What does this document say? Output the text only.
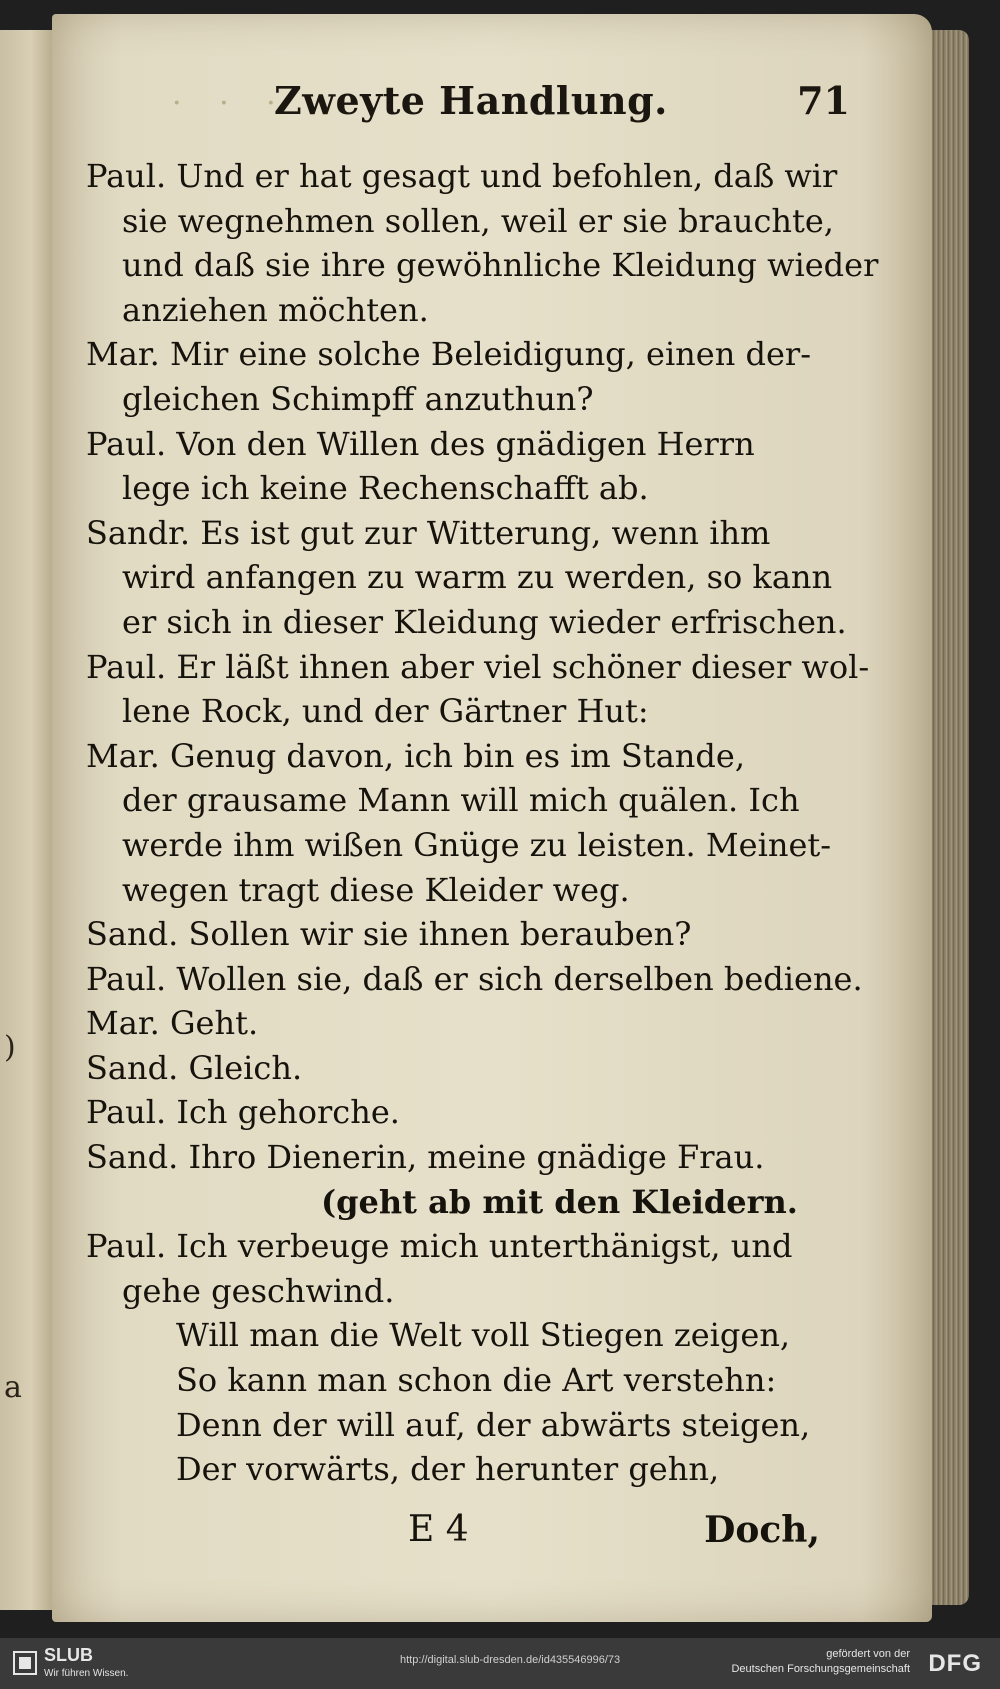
)
a
· · ·
Zweyte Handlung.	71
Paul. Und er hat gesagt und befohlen, daß wir
sie wegnehmen sollen, weil er sie brauchte,
und daß sie ihre gewöhnliche Kleidung wieder
anziehen möchten.
Mar. Mir eine solche Beleidigung, einen der-
gleichen Schimpff anzuthun?
Paul. Von den Willen des gnädigen Herrn
lege ich keine Rechenschafft ab.
Sandr. Es ist gut zur Witterung, wenn ihm
wird anfangen zu warm zu werden, so kann
er sich in dieser Kleidung wieder erfrischen.
Paul. Er läßt ihnen aber viel schöner dieser wol-
lene Rock, und der Gärtner Hut:
Mar. Genug davon, ich bin es im Stande,
der grausame Mann will mich quälen. Ich
werde ihm wißen Gnüge zu leisten. Meinet-
wegen tragt diese Kleider weg.
Sand. Sollen wir sie ihnen berauben?
Paul. Wollen sie, daß er sich derselben bediene.
Mar. Geht.
Sand. Gleich.
Paul. Ich gehorche.
Sand. Ihro Dienerin, meine gnädige Frau.
(geht ab mit den Kleidern.
Paul. Ich verbeuge mich unterthänigst, und
gehe geschwind.
Will man die Welt voll Stiegen zeigen,
So kann man schon die Art verstehn:
Denn der will auf, der abwärts steigen,
Der vorwärts, der herunter gehn,
E 4	Doch,
SLUB
Wir führen Wissen.
http://digital.slub-dresden.de/id435546996/73	gefördert von der
Deutschen Forschungsgemeinschaft DFG
